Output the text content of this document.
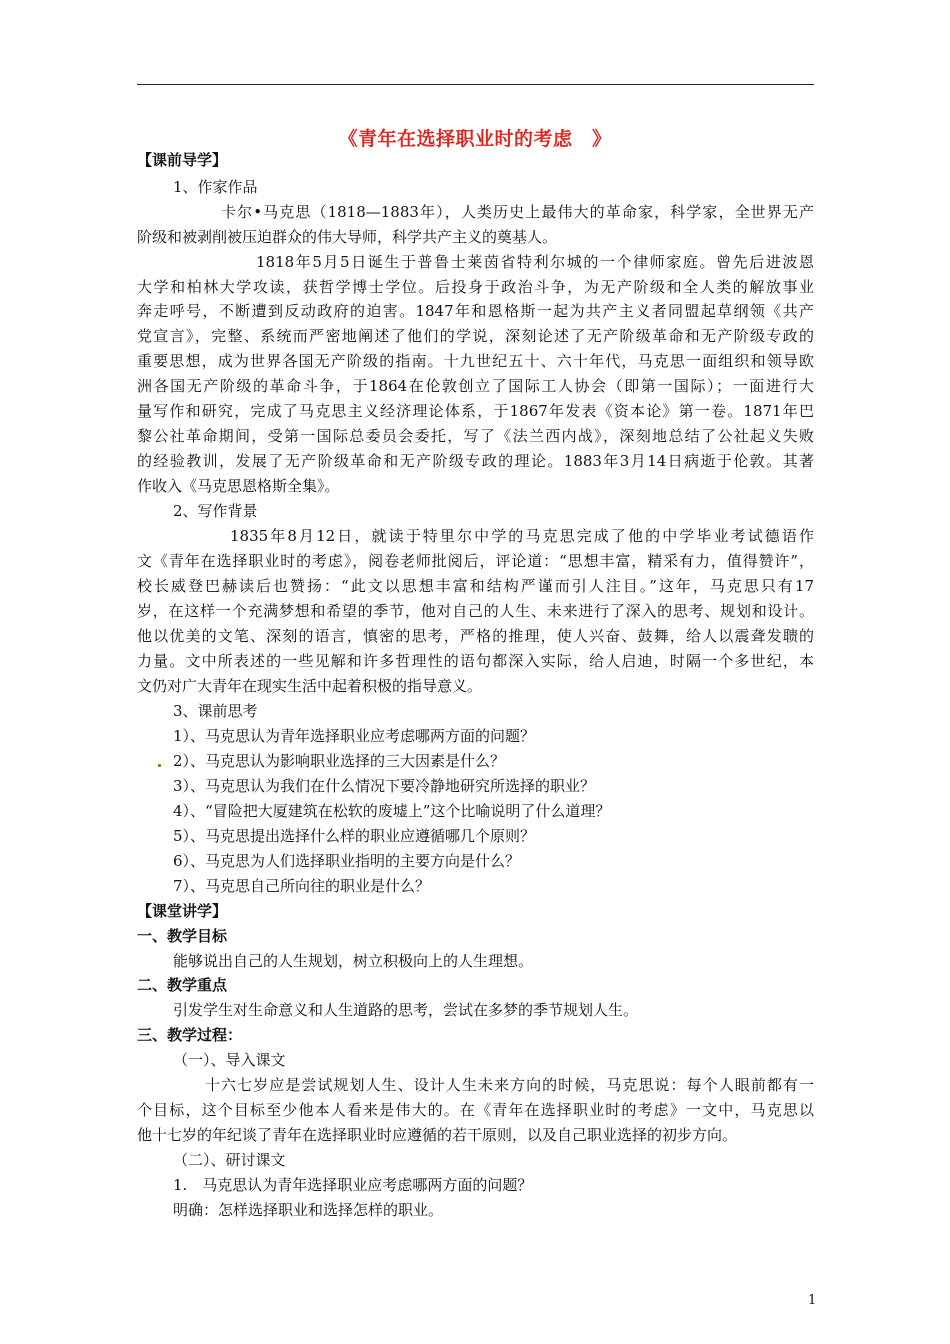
《青年在选择职业时的考虑　》
【课前导学】
1、作家作品
卡尔•马克思（1818—1883年），人类历史上最伟大的革命家，科学家，全世界无产
阶级和被剥削被压迫群众的伟大导师，科学共产主义的奠基人。
1818年5月5日诞生于普鲁士莱茵省特利尔城的一个律师家庭。曾先后进波恩
大学和柏林大学攻读，获哲学博士学位。后投身于政治斗争，为无产阶级和全人类的解放事业
奔走呼号，不断遭到反动政府的迫害。1847年和恩格斯一起为共产主义者同盟起草纲领《共产
党宣言》，完整、系统而严密地阐述了他们的学说，深刻论述了无产阶级革命和无产阶级专政的
重要思想，成为世界各国无产阶级的指南。十九世纪五十、六十年代，马克思一面组织和领导欧
洲各国无产阶级的革命斗争，于1864在伦敦创立了国际工人协会（即第一国际）；一面进行大
量写作和研究，完成了马克思主义经济理论体系，于1867年发表《资本论》第一卷。1871年巴
黎公社革命期间，受第一国际总委员会委托，写了《法兰西内战》，深刻地总结了公社起义失败
的经验教训，发展了无产阶级革命和无产阶级专政的理论。1883年3月14日病逝于伦敦。其著
作收入《马克思恩格斯全集》。
2、写作背景
1835年8月12日，就读于特里尔中学的马克思完成了他的中学毕业考试德语作
文《青年在选择职业时的考虑》，阅卷老师批阅后，评论道：“思想丰富，精采有力，值得赞许”，
校长威登巴赫读后也赞扬：“此文以思想丰富和结构严谨而引人注目。”这年，马克思只有17
岁，在这样一个充满梦想和希望的季节，他对自己的人生、未来进行了深入的思考、规划和设计。
他以优美的文笔、深刻的语言，慎密的思考，严格的推理，使人兴奋、鼓舞，给人以震聋发聩的
力量。文中所表述的一些见解和许多哲理性的语句都深入实际，给人启迪，时隔一个多世纪，本
文仍对广大青年在现实生活中起着积极的指导意义。
3、课前思考
1）、马克思认为青年选择职业应考虑哪两方面的问题？
2）、马克思认为影响职业选择的三大因素是什么？
3）、马克思认为我们在什么情况下要冷静地研究所选择的职业？
4）、“冒险把大厦建筑在松软的废墟上”这个比喻说明了什么道理？
5）、马克思提出选择什么样的职业应遵循哪几个原则？
6）、马克思为人们选择职业指明的主要方向是什么？
7）、马克思自己所向往的职业是什么？
【课堂讲学】
一、教学目标
能够说出自己的人生规划，树立积极向上的人生理想。
二、教学重点
引发学生对生命意义和人生道路的思考，尝试在多梦的季节规划人生。
三、教学过程：
（一）、导入课文
十六七岁应是尝试规划人生、设计人生未来方向的时候，马克思说：每个人眼前都有一
个目标，这个目标至少他本人看来是伟大的。在《青年在选择职业时的考虑》一文中，马克思以
他十七岁的年纪谈了青年在选择职业时应遵循的若干原则，以及自己职业选择的初步方向。
（二）、研讨课文
1.　马克思认为青年选择职业应考虑哪两方面的问题？
明确：怎样选择职业和选择怎样的职业。
1
